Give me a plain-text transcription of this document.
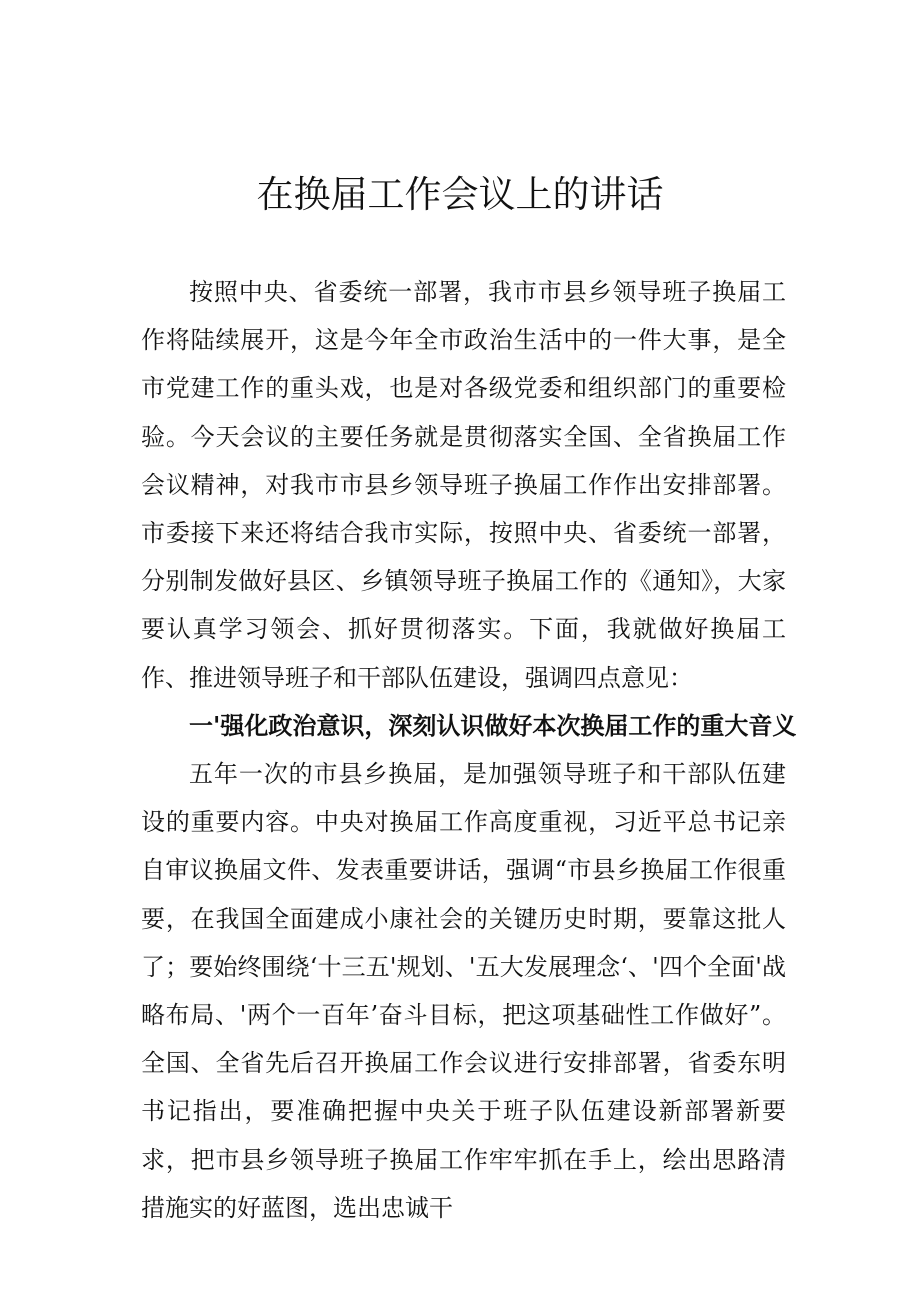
在换届工作会议上的讲话

按照中央、省委统一部署，我市市县乡领导班子换届工作将陆续展开，这是今年全市政治生活中的一件大事，是全市党建工作的重头戏，也是对各级党委和组织部门的重要检验。今天会议的主要任务就是贯彻落实全国、全省换届工作会议精神，对我市市县乡领导班子换届工作作出安排部署。市委接下来还将结合我市实际，按照中央、省委统一部署，分别制发做好县区、乡镇领导班子换届工作的《通知》，大家要认真学习领会、抓好贯彻落实。下面，我就做好换届工作、推进领导班子和干部队伍建设，强调四点意见：

一'强化政治意识，深刻认识做好本次换届工作的重大音义

五年一次的市县乡换届，是加强领导班子和干部队伍建设的重要内容。中央对换届工作高度重视，习近平总书记亲自审议换届文件、发表重要讲话，强调“市县乡换届工作很重要，在我国全面建成小康社会的关键历史时期，要靠这批人了；要始终围绕‘十三五'规划、'五大发展理念‘、'四个全面'战略布局、'两个一百年’奋斗目标，把这项基础性工作做好”。全国、全省先后召开换届工作会议进行安排部署，省委东明书记指出，要准确把握中央关于班子队伍建设新部署新要求，把市县乡领导班子换届工作牢牢抓在手上，绘出思路清措施实的好蓝图，选出忠诚干
